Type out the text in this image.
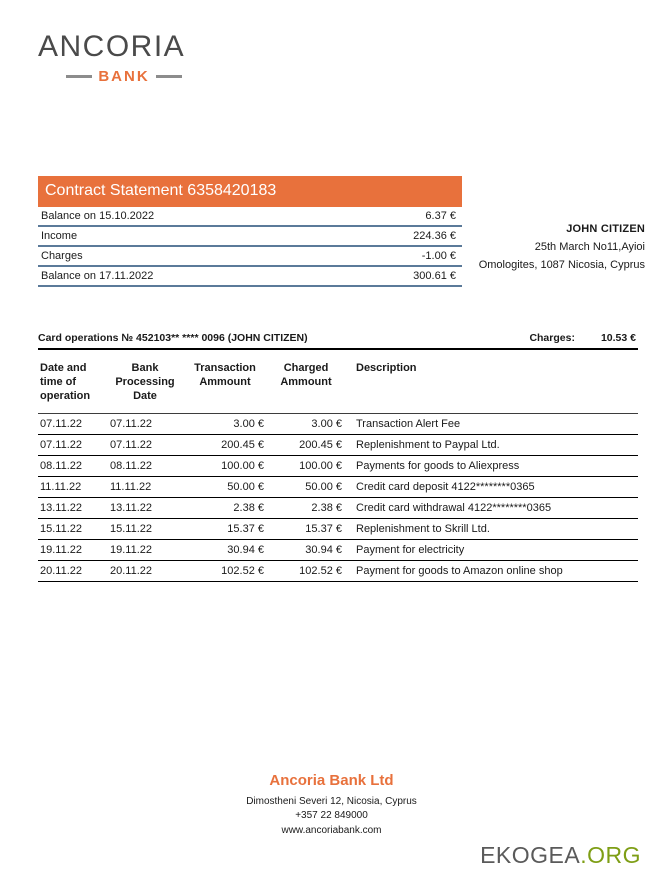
ANCORIA
BANK
Contract Statement 6358420183
Balance on 15.10.2022	6.37 €
Income	224.36 €
Charges	-1.00 €
Balance on 17.11.2022	300.61 €
JOHN CITIZEN
25th March No11,Ayioi
Omologites, 1087 Nicosia, Cyprus
Card operations № 452103** **** 0096 (JOHN CITIZEN)	Charges: 10.53 €
Date and time of operation	Bank Processing Date	Transaction Ammount	Charged Ammount	Description
07.11.22	07.11.22	3.00 €	3.00 €	Transaction Alert Fee
07.11.22	07.11.22	200.45 €	200.45 €	Replenishment to Paypal Ltd.
08.11.22	08.11.22	100.00 €	100.00 €	Payments for goods to Aliexpress
11.11.22	11.11.22	50.00 €	50.00 €	Credit card deposit 4122********0365
13.11.22	13.11.22	2.38 €	2.38 €	Credit card withdrawal 4122********0365
15.11.22	15.11.22	15.37 €	15.37 €	Replenishment to Skrill Ltd.
19.11.22	19.11.22	30.94 €	30.94 €	Payment for electricity
20.11.22	20.11.22	102.52 €	102.52 €	Payment for goods to Amazon online shop
Ancoria Bank Ltd
Dimostheni Severi 12, Nicosia, Cyprus
+357 22 849000
www.ancoriabank.com
EKOGEA.ORG
